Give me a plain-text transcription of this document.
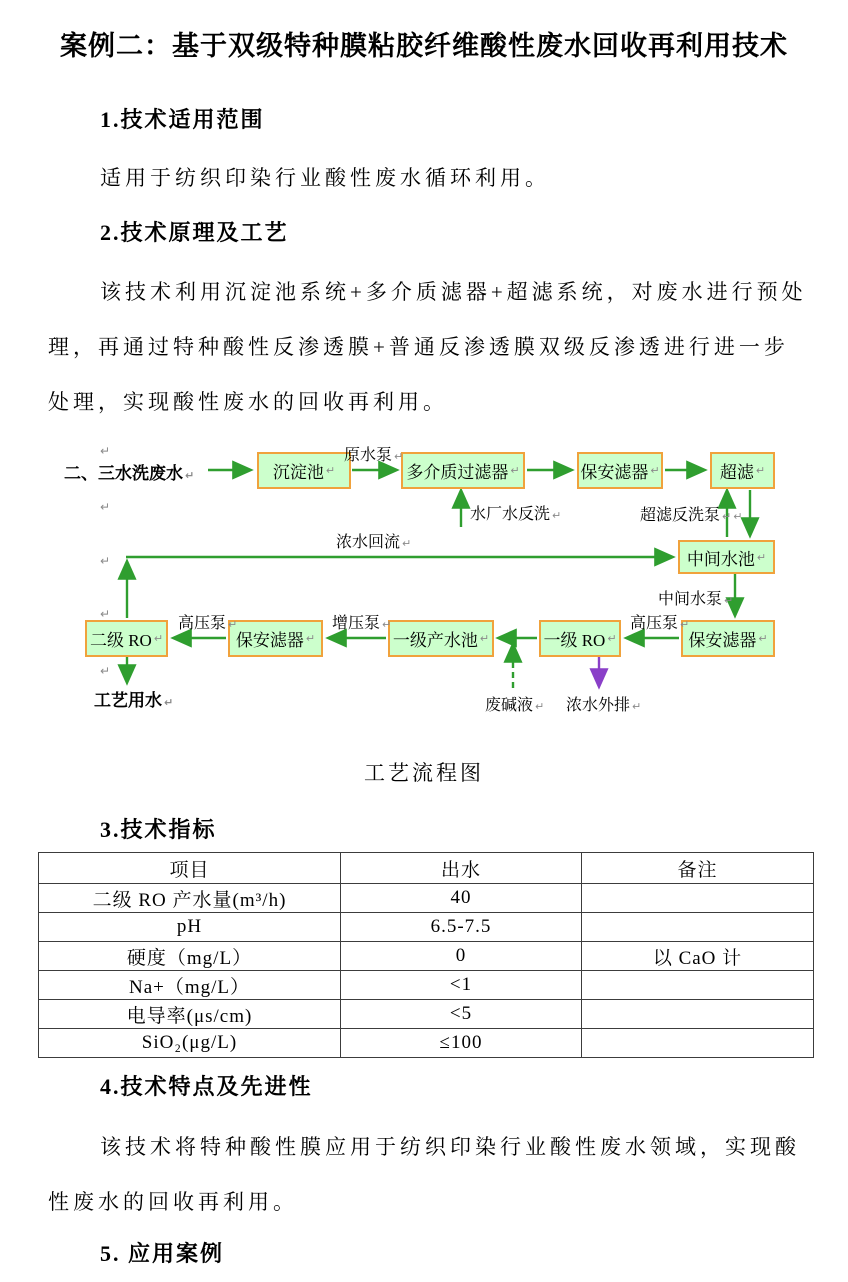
案例二：基于双级特种膜粘胶纤维酸性废水回收再利用技术
1.技术适用范围
适用于纺织印染行业酸性废水循环利用。
2.技术原理及工艺
该技术利用沉淀池系统+多介质滤器+超滤系统，对废水进行预处
理，再通过特种酸性反渗透膜+普通反渗透膜双级反渗透进行进一步
处理，实现酸性废水的回收再利用。
二、三水洗废水 ↵
工艺用水 ↵
沉淀池 ↵	多介质过滤器 ↵	保安滤器 ↵	超滤 ↵
中间水池 ↵
保安滤器 ↵
一级 RO ↵
一级产水池 ↵
保安滤器 ↵
二级 RO ↵
原水泵 ↵
水厂水反洗 ↵	超滤反洗泵 ↵ ↵
浓水回流 ↵
中间水泵 ↵
高压泵 ↵
增压泵 ↵
高压泵 ↵
废碱液 ↵ 浓水外排 ↵
↵
↵
↵
↵
↵
工艺流程图
3.技术指标
项目	出水	备注
二级 RO 产水量(m³/h)	40	
pH	6.5-7.5	
硬度（mg/L）	0	以 CaO 计
Na+（mg/L）	<1	
电导率(μs/cm)	<5	
SiO₂(μg/L)	≤100	
4.技术特点及先进性
该技术将特种酸性膜应用于纺织印染行业酸性废水领域，实现酸
性废水的回收再利用。
5. 应用案例
